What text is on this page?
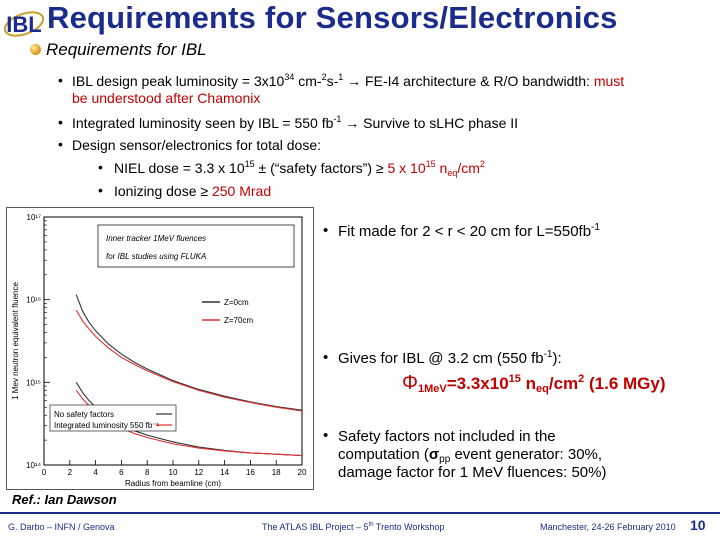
IBL Requirements for Sensors/Electronics
Requirements for IBL
• IBL design peak luminosity = $3x10^{34}$ cm-$^2$s-$^1$ → FE-I4 architecture & R/O bandwidth: must
be understood after Chamonix
• Integrated luminosity seen by IBL = 550 $fb^{-1}$ → Survive to sLHC phase II
• Design sensor/electronics for total dose:
• NIEL dose = 3.3 x $10^{15}$ ± (“safety factors”) ≥ 5 x $10^{15}$ $n_{eq}/cm^2$
• Ionizing dose ≥ 250 Mrad
0	2	4	6	8 10 12 14 16 18 20
10¹⁴
10¹⁵
10¹⁶
10¹⁷
Radius from beamline (cm)
1 Mev neutron equivalent fluence
Inner tracker 1MeV fluences
for IBL studies using FLUKA
Z=0cm
Z=70cm
No safety factors
Integrated luminosity 550 fb⁻¹
• Fit made for 2 < r < 20 cm for $L=550fb^{-1}$
• Gives for IBL @ 3.2 cm (550 $fb^{-1}$):
$\Phi_{1MeV}=3.3x10^{15}$ $n_{eq}/cm^2$ (1.6 MGy)
• Safety factors not included in the
computation ($\sigma_{pp}$ event generator: 30%,
damage factor for 1 MeV fluences: 50%)
Ref.: Ian Dawson
G. Darbo – INFN / Genova	The ATLAS IBL Project – 5th Trento Workshop	Manchester, 24-26 February 2010 10
